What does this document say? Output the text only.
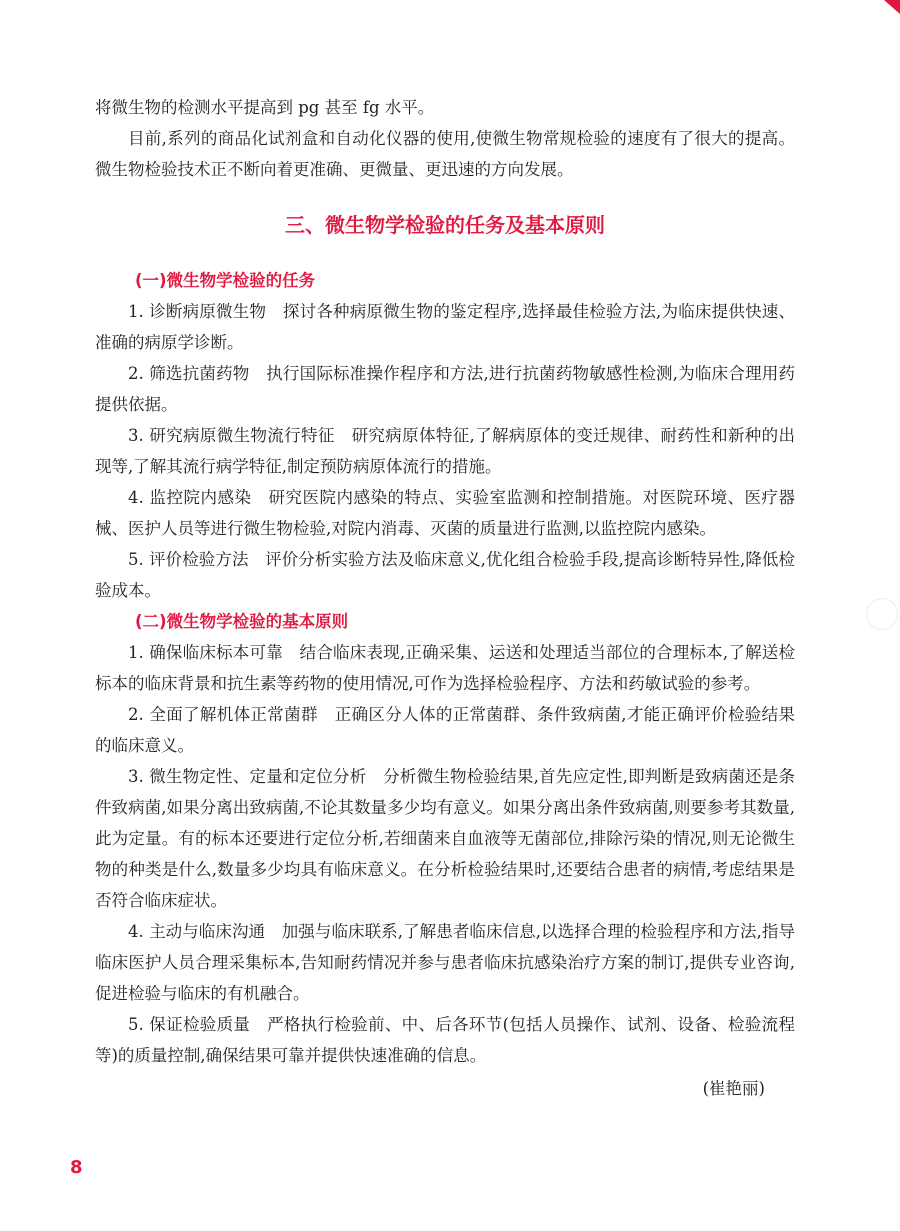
将微生物的检测水平提高到 pg 甚至 fg 水平。

目前,系列的商品化试剂盒和自动化仪器的使用,使微生物常规检验的速度有了很大的提高。微生物检验技术正不断向着更准确、更微量、更迅速的方向发展。

三、微生物学检验的任务及基本原则
(一)微生物学检验的任务

1. 诊断病原微生物　探讨各种病原微生物的鉴定程序,选择最佳检验方法,为临床提供快速、准确的病原学诊断。

2. 筛选抗菌药物　执行国际标准操作程序和方法,进行抗菌药物敏感性检测,为临床合理用药提供依据。

3. 研究病原微生物流行特征　研究病原体特征,了解病原体的变迁规律、耐药性和新种的出现等,了解其流行病学特征,制定预防病原体流行的措施。

4. 监控院内感染　研究医院内感染的特点、实验室监测和控制措施。对医院环境、医疗器械、医护人员等进行微生物检验,对院内消毒、灭菌的质量进行监测,以监控院内感染。

5. 评价检验方法　评价分析实验方法及临床意义,优化组合检验手段,提高诊断特异性,降低检验成本。

(二)微生物学检验的基本原则

1. 确保临床标本可靠　结合临床表现,正确采集、运送和处理适当部位的合理标本,了解送检标本的临床背景和抗生素等药物的使用情况,可作为选择检验程序、方法和药敏试验的参考。

2. 全面了解机体正常菌群　正确区分人体的正常菌群、条件致病菌,才能正确评价检验结果的临床意义。

3. 微生物定性、定量和定位分析　分析微生物检验结果,首先应定性,即判断是致病菌还是条件致病菌,如果分离出致病菌,不论其数量多少均有意义。如果分离出条件致病菌,则要参考其数量,此为定量。有的标本还要进行定位分析,若细菌来自血液等无菌部位,排除污染的情况,则无论微生物的种类是什么,数量多少均具有临床意义。在分析检验结果时,还要结合患者的病情,考虑结果是否符合临床症状。

4. 主动与临床沟通　加强与临床联系,了解患者临床信息,以选择合理的检验程序和方法,指导临床医护人员合理采集标本,告知耐药情况并参与患者临床抗感染治疗方案的制订,提供专业咨询,促进检验与临床的有机融合。

5. 保证检验质量　严格执行检验前、中、后各环节(包括人员操作、试剂、设备、检验流程等)的质量控制,确保结果可靠并提供快速准确的信息。

(崔艳丽)

8
